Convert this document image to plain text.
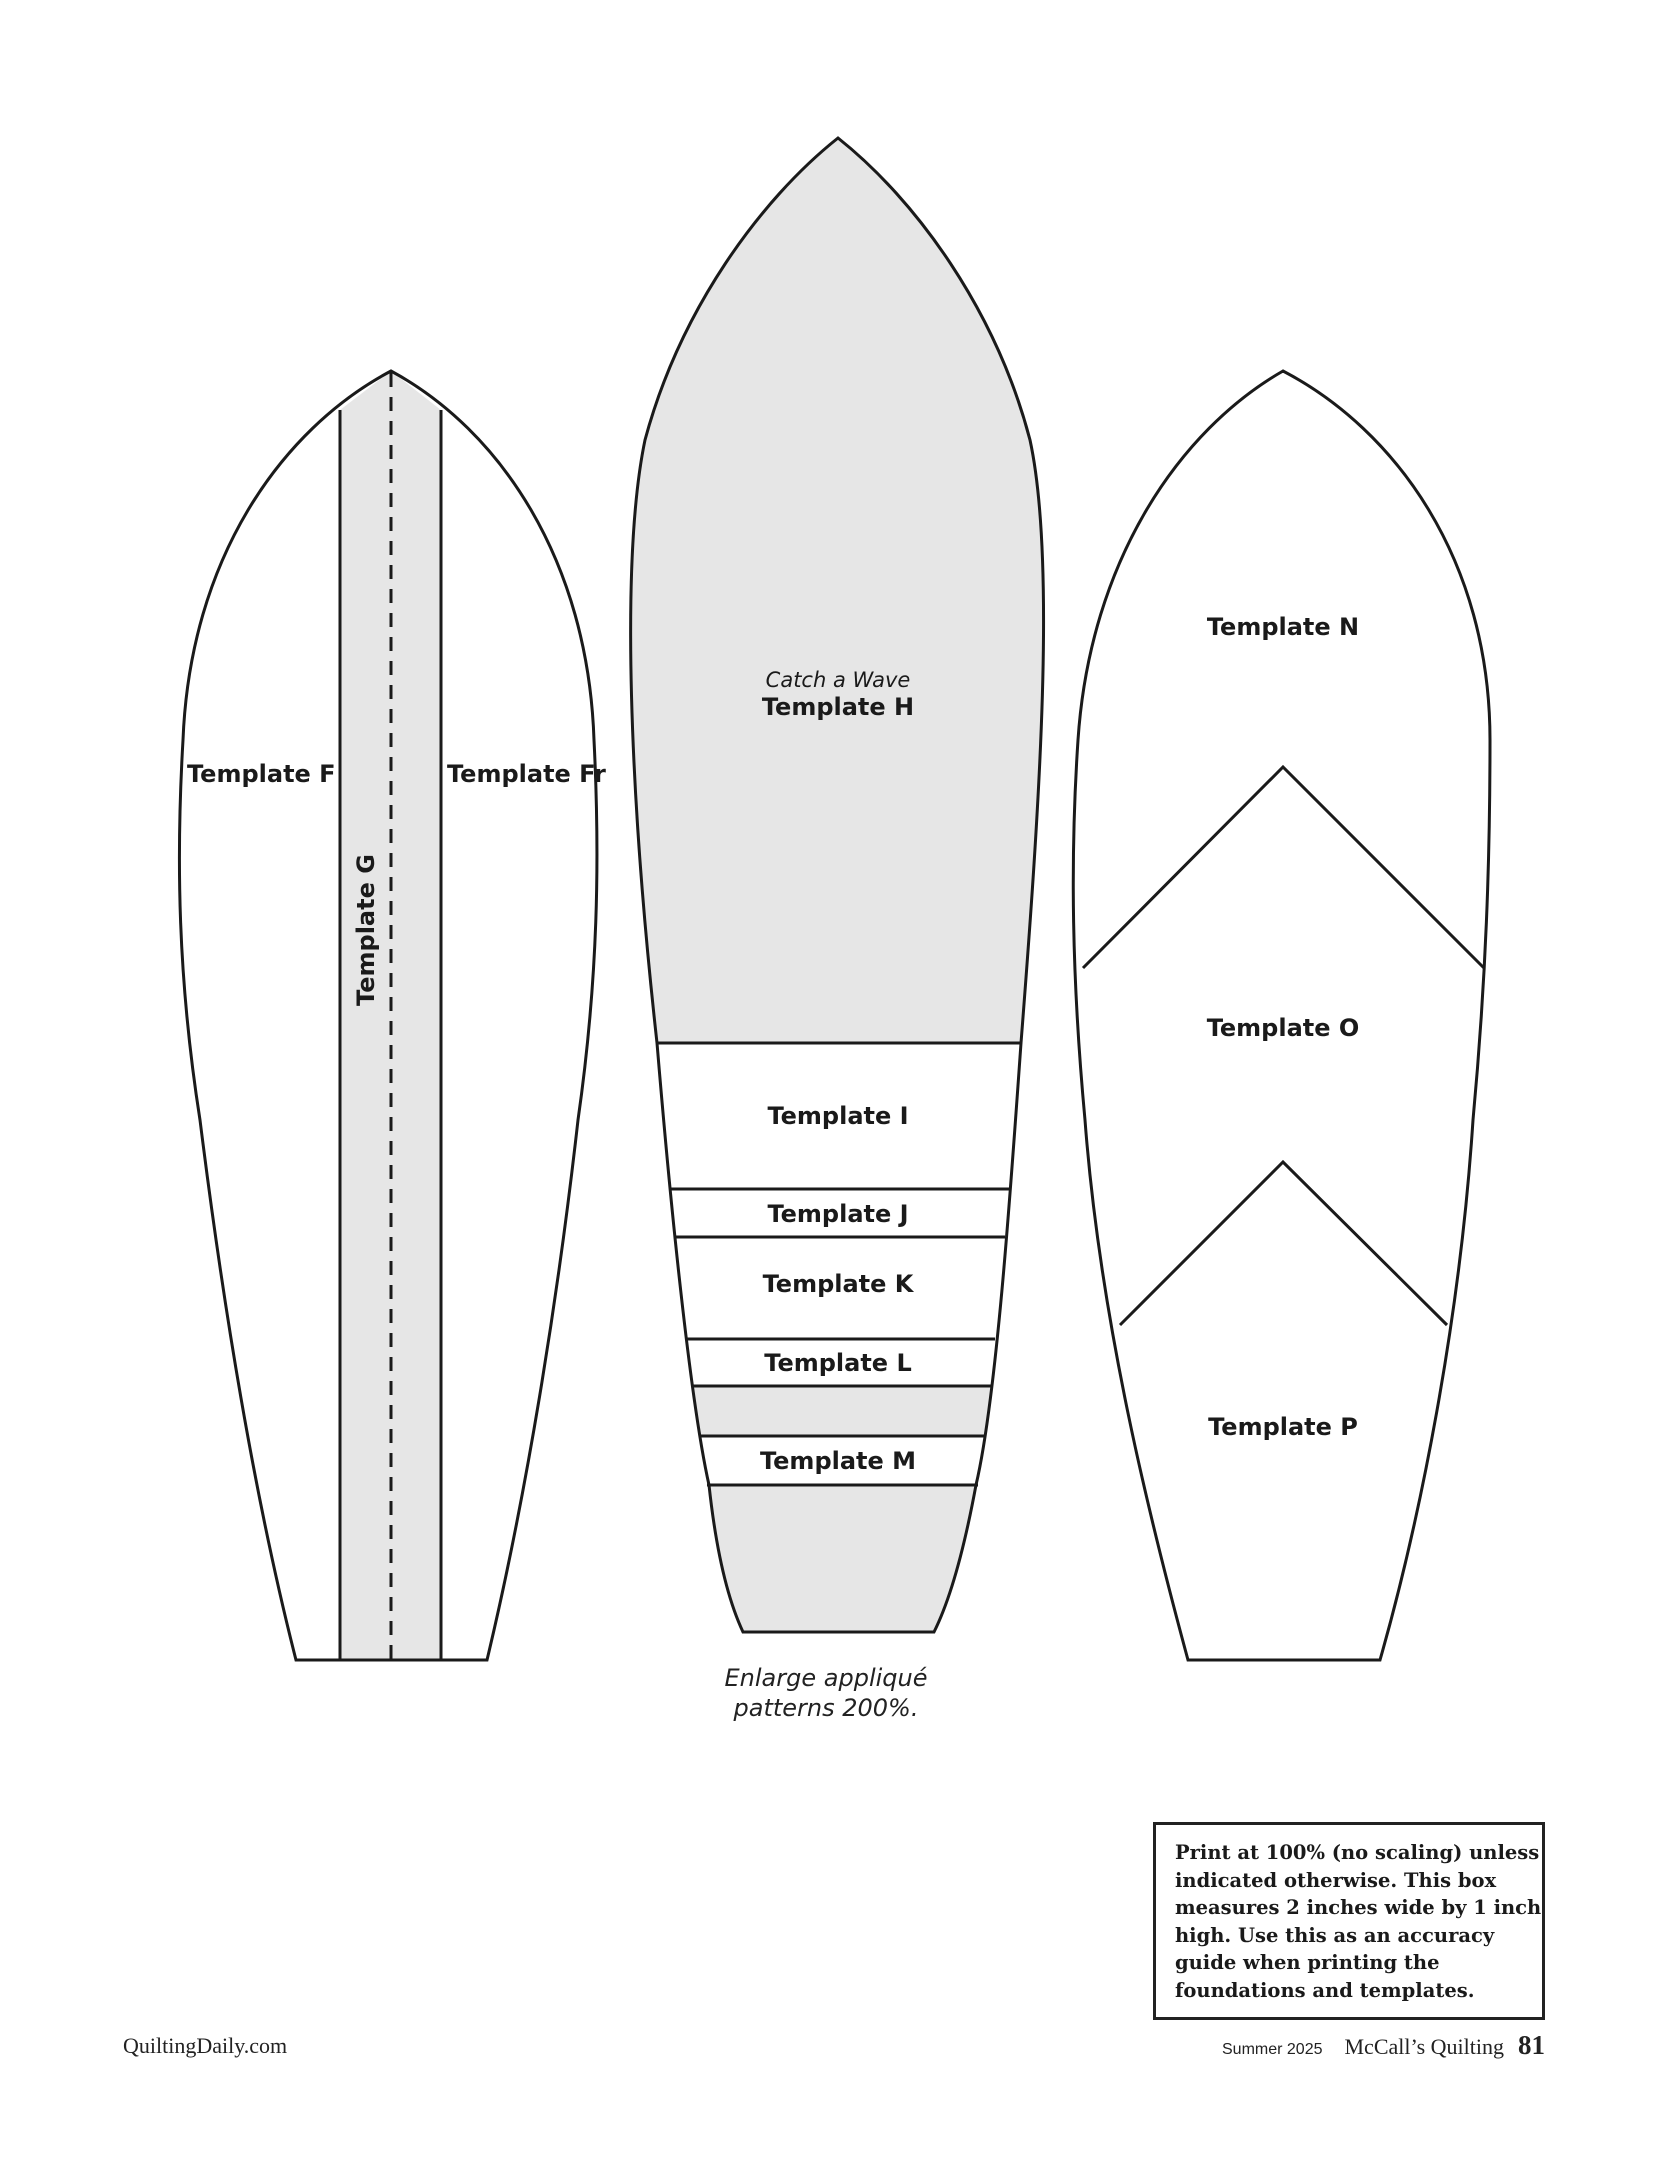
Template F	Template Fr
Template G
Catch a Wave
Template H
Template I
Template J
Template K
Template L
Template M
Enlarge appliqué
patterns 200%.
Template N
Template O
Template P
Print at 100% (no scaling) unless
indicated otherwise. This box
measures 2 inches wide by 1 inch
high. Use this as an accuracy
guide when printing the
foundations and templates.
QuiltingDaily.com	Summer 2025 McCall’s Quilting 81
